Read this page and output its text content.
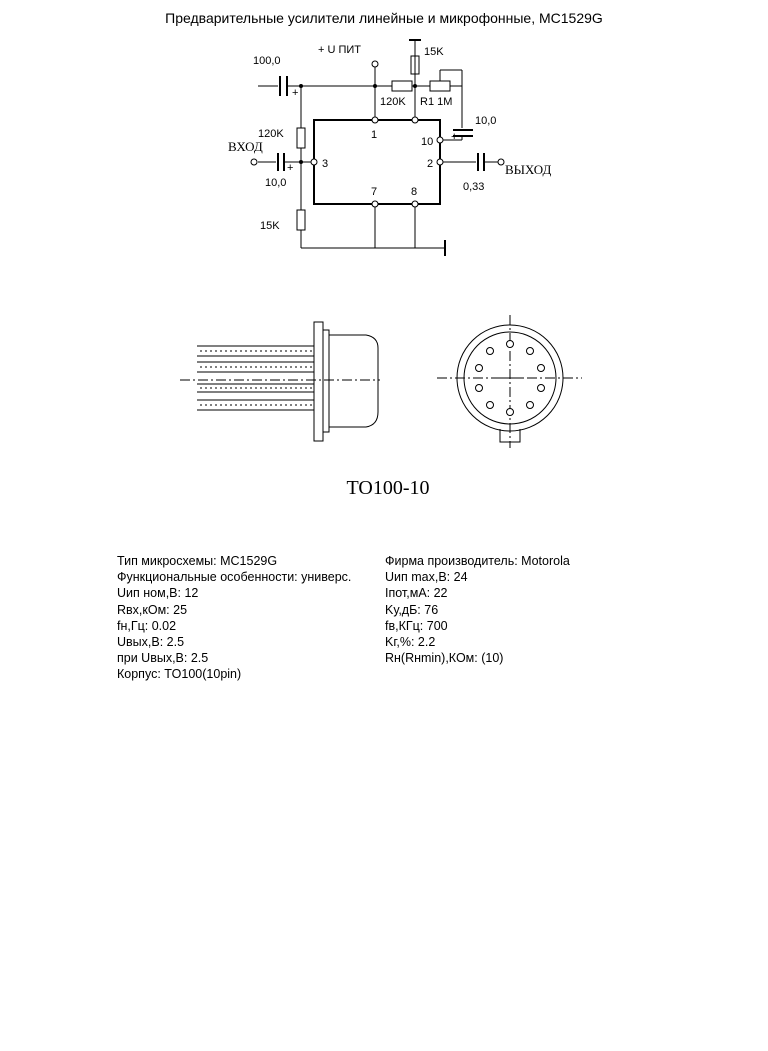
Предварительные усилители линейные и микрофонные, МС1529G
+ U ПИТ
100,0
+
15K
120K R1 1M
10,0
+
120K
ВХОД
+
10,0
15K
1
10
3	2
7	8
ВЫХОД
0,33
TO100-10
Тип микросхемы: MC1529G
Функциональные особенности: универс.
Uип ном,В: 12
Rвх,кОм: 25
fн,Гц: 0.02
Uвых,В: 2.5
при Uвых,В: 2.5
Корпус: TO100(10pin)
Фирма производитель: Motorola
Uип max,В: 24
Iпот,мА: 22
Kу,дБ: 76
fв,КГц: 700
Kг,%: 2.2
Rн(Rнmin),КОм: (10)
